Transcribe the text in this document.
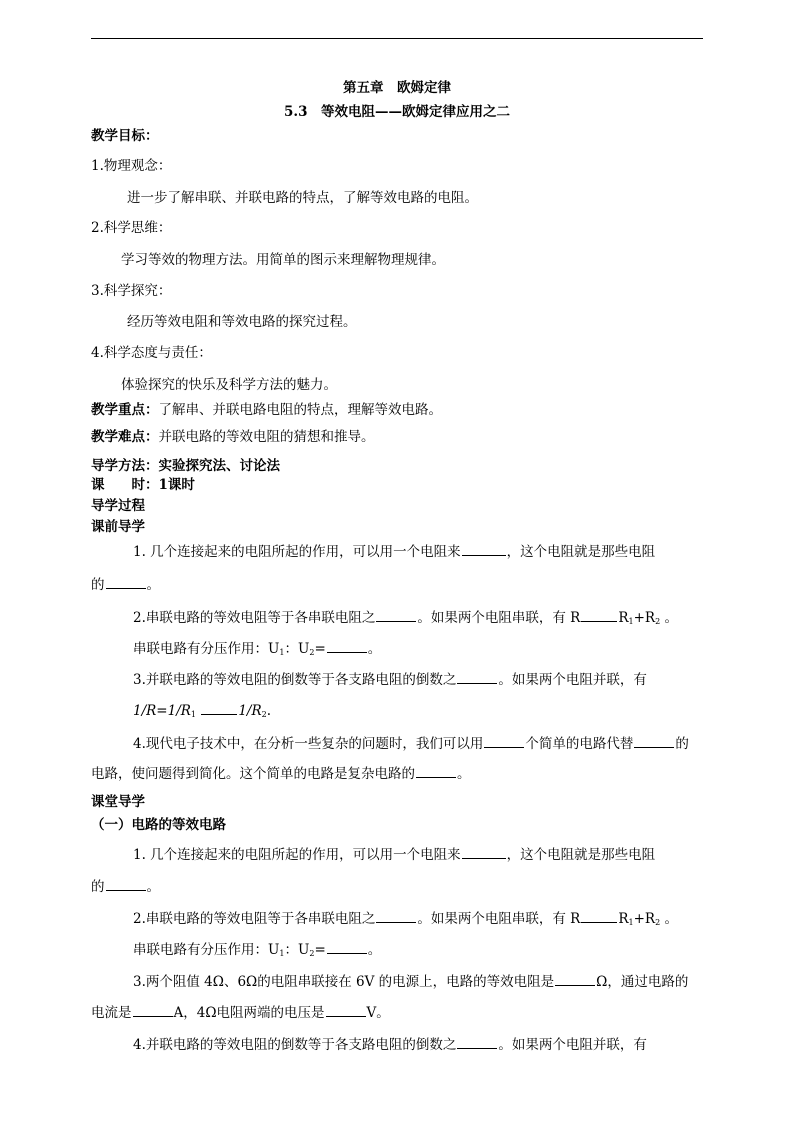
第五章　欧姆定律
5.3　等效电阻——欧姆定律应用之二
教学目标：
1.物理观念：
进一步了解串联、并联电路的特点，了解等效电路的电阻。
2.科学思维：
学习等效的物理方法。用简单的图示来理解物理规律。
3.科学探究：
经历等效电阻和等效电路的探究过程。
4.科学态度与责任：
体验探究的快乐及科学方法的魅力。
教学重点：了解串、并联电路电阻的特点，理解等效电路。
教学难点：并联电路的等效电阻的猜想和推导。
导学方法：实验探究法、讨论法
课　　时：1课时
导学过程
课前导学
1. 几个连接起来的电阻所起的作用，可以用一个电阻来	，这个电阻就是那些电阻
的	。
2.串联电路的等效电阻等于各串联电阻之	。如果两个电阻串联，有 R	$R_1+R_2$ 。
串联电路有分压作用：$U_1$：$U_2=$	。
3.并联电路的等效电阻的倒数等于各支路电阻的倒数之	。如果两个电阻并联，有
$1/R=1/R_1$	$1/R_2$.
4.现代电子技术中，在分析一些复杂的问题时，我们可以用	个简单的电路代替	的
电路，使问题得到简化。这个简单的电路是复杂电路的	。
课堂导学
（一）电路的等效电路
1. 几个连接起来的电阻所起的作用，可以用一个电阻来	，这个电阻就是那些电阻
的	。
2.串联电路的等效电阻等于各串联电阻之	。如果两个电阻串联，有 R	$R_1+R_2$ 。
串联电路有分压作用：$U_1$：$U_2=$	。
3.两个阻值 4Ω、6Ω的电阻串联接在 6V 的电源上，电路的等效电阻是	Ω，通过电路的
电流是	A，4Ω电阻两端的电压是	V。
4.并联电路的等效电阻的倒数等于各支路电阻的倒数之	。如果两个电阻并联，有
